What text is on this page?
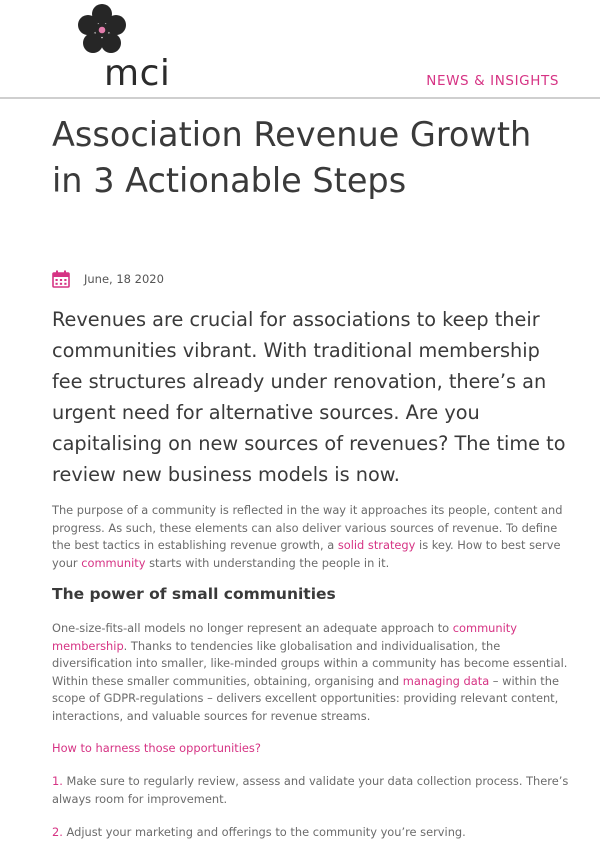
mci	NEWS & INSIGHTS
Association Revenue Growth in 3 Actionable Steps
June, 18 2020

Revenues are crucial for associations to keep their communities vibrant. With traditional membership fee structures already under renovation, there’s an urgent need for alternative sources. Are you capitalising on new sources of revenues? The time to review new business models is now.

The purpose of a community is reflected in the way it approaches its people, content and progress. As such, these elements can also deliver various sources of revenue. To define the best tactics in establishing revenue growth, a solid strategy is key. How to best serve your community starts with understanding the people in it.

The power of small communities

One-size-fits-all models no longer represent an adequate approach to community membership. Thanks to tendencies like globalisation and individualisation, the diversification into smaller, like-minded groups within a community has become essential. Within these smaller communities, obtaining, organising and managing data – within the scope of GDPR-regulations – delivers excellent opportunities: providing relevant content, interactions, and valuable sources for revenue streams.

How to harness those opportunities?

1. Make sure to regularly review, assess and validate your data collection process. There’s always room for improvement.

2. Adjust your marketing and offerings to the community you’re serving.
